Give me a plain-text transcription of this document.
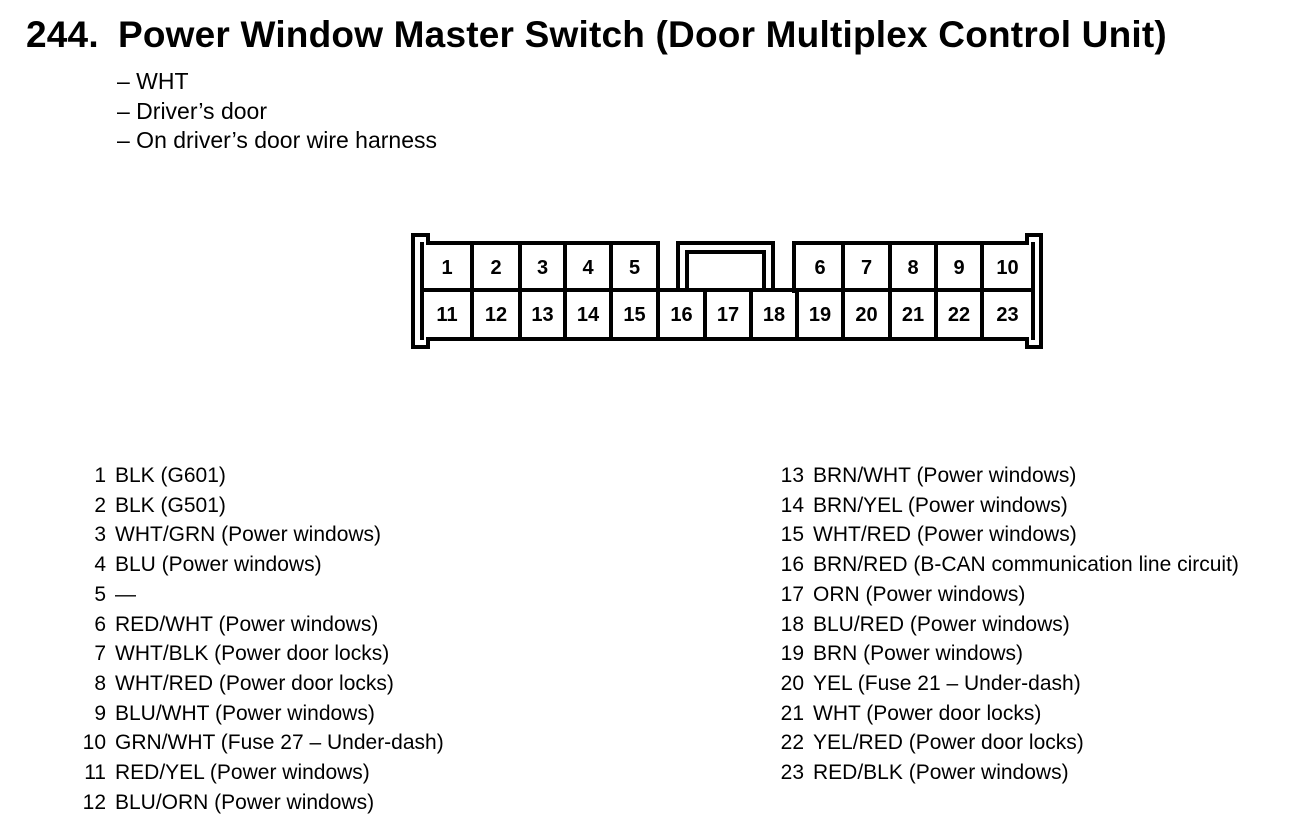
244. Power Window Master Switch (Door Multiplex Control Unit)
– WHT
– Driver’s door
– On driver’s door wire harness
1 2 3 4 5	6 7 8 9 10
11 12 13 14 15 16 17 18 19 20 21 22 23
1 BLK (G601)
2 BLK (G501)
3 WHT/GRN (Power windows)
4 BLU (Power windows)
5 —
6 RED/WHT (Power windows)
7 WHT/BLK (Power door locks)
8 WHT/RED (Power door locks)
9 BLU/WHT (Power windows)
10 GRN/WHT (Fuse 27 – Under-dash)
11 RED/YEL (Power windows)
12 BLU/ORN (Power windows)
13 BRN/WHT (Power windows)
14 BRN/YEL (Power windows)
15 WHT/RED (Power windows)
16 BRN/RED (B-CAN communication line circuit)
17 ORN (Power windows)
18 BLU/RED (Power windows)
19 BRN (Power windows)
20 YEL (Fuse 21 – Under-dash)
21 WHT (Power door locks)
22 YEL/RED (Power door locks)
23 RED/BLK (Power windows)
